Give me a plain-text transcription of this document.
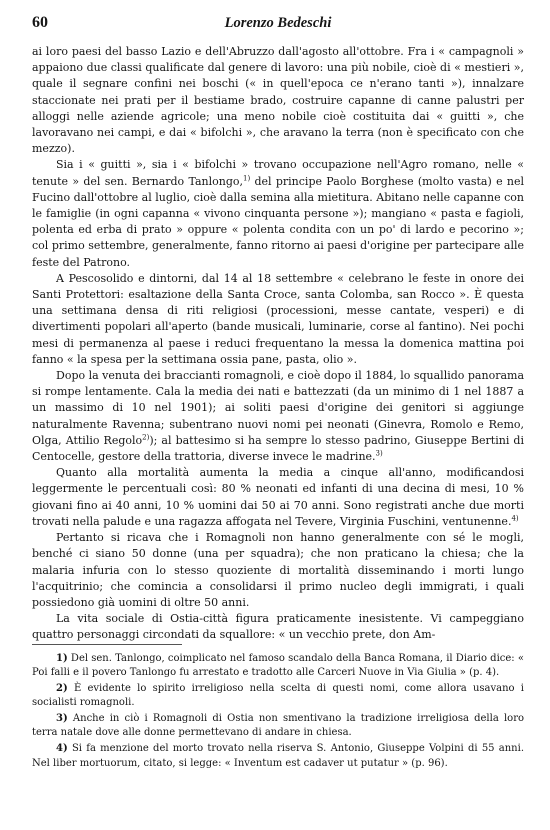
60	Lorenzo Bedeschi

ai loro paesi del basso Lazio e dell'Abruzzo dall'agosto all'ottobre. Fra i « campagnoli » appaiono due classi qualificate dal genere di lavoro: una più nobile, cioè di « mestieri », quale il segnare confini nei boschi (« in quell'epoca ce n'erano tanti »), innalzare staccionate nei prati per il bestiame brado, costruire capanne di canne palustri per alloggi nelle aziende agricole; una meno nobile cioè costituita dai « guitti », che lavoravano nei campi, e dai « bifolchi », che aravano la terra (non è specificato con che mezzo).

Sia i « guitti », sia i « bifolchi » trovano occupazione nell'Agro romano, nelle « tenute » del sen. Bernardo Tanlongo,$^{1)}$ del principe Paolo Borghese (molto vasta) e nel Fucino dall'ottobre al luglio, cioè dalla semina alla mietitura. Abitano nelle capanne con le famiglie (in ogni capanna « vivono cinquanta persone »); mangiano « pasta e fagioli, polenta ed erba di prato » oppure « polenta condita con un po' di lardo e pecorino »; col primo settembre, generalmente, fanno ritorno ai paesi d'origine per partecipare alle feste del Patrono.

A Pescosolido e dintorni, dal 14 al 18 settembre « celebrano le feste in onore dei Santi Protettori: esaltazione della Santa Croce, santa Colomba, san Rocco ». È questa una settimana densa di riti religiosi (processioni, messe cantate, vesperi) e di divertimenti popolari all'aperto (bande musicali, luminarie, corse al fantino). Nei pochi mesi di permanenza al paese i reduci frequentano la messa la domenica mattina poi fanno « la spesa per la settimana ossia pane, pasta, olio ».

Dopo la venuta dei braccianti romagnoli, e cioè dopo il 1884, lo squallido panorama si rompe lentamente. Cala la media dei nati e battezzati (da un minimo di 1 nel 1887 a un massimo di 10 nel 1901); ai soliti paesi d'origine dei genitori si aggiunge naturalmente Ravenna; subentrano nuovi nomi pei neonati (Ginevra, Romolo e Remo, Olga, Attilio Regolo$^{2)}$); al battesimo si ha sempre lo stesso padrino, Giuseppe Bertini di Centocelle, gestore della trattoria, diverse invece le madrine.$^{3)}$

Quanto alla mortalità aumenta la media a cinque all'anno, modificandosi leggermente le percentuali così: 80 % neonati ed infanti di una decina di mesi, 10 % giovani fino ai 40 anni, 10 % uomini dai 50 ai 70 anni. Sono registrati anche due morti trovati nella palude e una ragazza affogata nel Tevere, Virginia Fuschini, ventunenne.$^{4)}$

Pertanto si ricava che i Romagnoli non hanno generalmente con sé le mogli, benché ci siano 50 donne (una per squadra); che non praticano la chiesa; che la malaria infuria con lo stesso quoziente di mortalità disseminando i morti lungo l'acquitrinio; che comincia a consolidarsi il primo nucleo degli immigrati, i quali possiedono già uomini di oltre 50 anni.

La vita sociale di Ostia-città figura praticamente inesistente. Vi campeggiano quattro personaggi circondati da squallore: « un vecchio prete, don Am-

1) Del sen. Tanlongo, coimplicato nel famoso scandalo della Banca Romana, il Diario dice: « Poi falli e il povero Tanlongo fu arrestato e tradotto alle Carceri Nuove in Via Giulia » (p. 4).

2) È evidente lo spirito irreligioso nella scelta di questi nomi, come allora usavano i socialisti romagnoli.

3) Anche in ciò i Romagnoli di Ostia non smentivano la tradizione irreligiosa della loro terra natale dove alle donne permettevano di andare in chiesa.

4) Si fa menzione del morto trovato nella riserva S. Antonio, Giuseppe Volpini di 55 anni. Nel liber mortuorum, citato, si legge: « Inventum est cadaver ut putatur » (p. 96).
